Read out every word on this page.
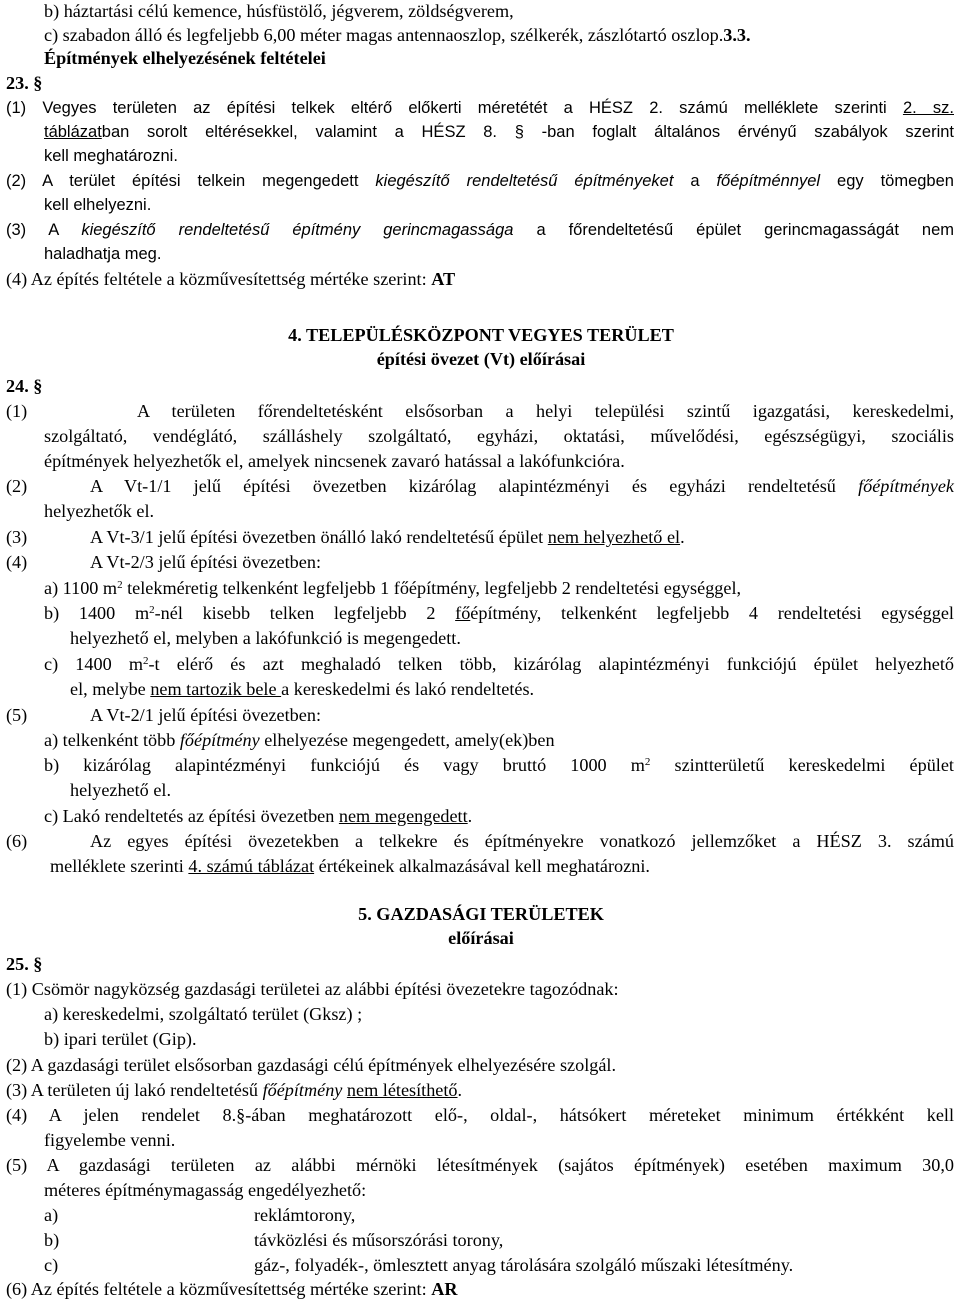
b) háztartási célú kemence, húsfüstölő, jégverem, zöldségverem,
c) szabadon álló és legfeljebb 6,00 méter magas antennaoszlop, szélkerék, zászlótartó oszlop.3.3.
Építmények elhelyezésének feltételei
23. §
(1) Vegyes területen az építési telkek eltérő előkerti méretétét a HÉSZ 2. számú melléklete szerinti 2. sz.
táblázatban sorolt eltérésekkel, valamint a HÉSZ 8. § -ban foglalt általános érvényű szabályok szerint
kell meghatározni.
(2) A terület építési telkein megengedett kiegészítő rendeltetésű építményeket a főépítménnyel egy tömegben
kell elhelyezni.
(3) A kiegészítő rendeltetésű építmény gerincmagassága a főrendeltetésű épület gerincmagasságát nem
haladhatja meg.
(4) Az építés feltétele a közművesítettség mértéke szerint: AT
4. TELEPÜLÉSKÖZPONT VEGYES TERÜLET
építési övezet (Vt) előírásai
24. §
(1)	A területen főrendeltetésként elsősorban a helyi települési szintű igazgatási, kereskedelmi,
szolgáltató, vendéglátó, szálláshely szolgáltató, egyházi, oktatási, művelődési, egészségügyi, szociális
építmények helyezhetők el, amelyek nincsenek zavaró hatással a lakófunkcióra.
(2)	A Vt-1/1 jelű építési övezetben kizárólag alapintézményi és egyházi rendeltetésű főépítmények
helyezhetők el.
(3)	A Vt-3/1 jelű építési övezetben önálló lakó rendeltetésű épület nem helyezhető el.
(4)	A Vt-2/3 jelű építési övezetben:
a) 1100 $m^2$ telekméretig telkenként legfeljebb 1 főépítmény, legfeljebb 2 rendeltetési egységgel,
b) 1400 $m^2$-nél kisebb telken legfeljebb 2 főépítmény, telkenként legfeljebb 4 rendeltetési egységgel
helyezhető el, melyben a lakófunkció is megengedett.
c) 1400 $m^2-t$ elérő és azt meghaladó telken több, kizárólag alapintézményi funkciójú épület helyezhető
el, melybe nem tartozik bele a kereskedelmi és lakó rendeltetés.
(5)	A Vt-2/1 jelű építési övezetben:
a) telkenként több főépítmény elhelyezése megengedett, amely(ek)ben
b) kizárólag alapintézményi funkciójú és vagy bruttó 1000 $m^2$ szintterületű kereskedelmi épület
helyezhető el.
c) Lakó rendeltetés az építési övezetben nem megengedett.
(6)	Az egyes építési övezetekben a telkekre és építményekre vonatkozó jellemzőket a HÉSZ 3. számú
melléklete szerinti 4. számú táblázat értékeinek alkalmazásával kell meghatározni.
5. GAZDASÁGI TERÜLETEK
előírásai
25. §
(1) Csömör nagyközség gazdasági területei az alábbi építési övezetekre tagozódnak:
a) kereskedelmi, szolgáltató terület (Gksz) ;
b) ipari terület (Gip).
(2) A gazdasági terület elsősorban gazdasági célú építmények elhelyezésére szolgál.
(3) A területen új lakó rendeltetésű főépítmény nem létesíthető.
(4) A jelen rendelet 8.§-ában meghatározott elő-, oldal-, hátsókert méreteket minimum értékként kell
figyelembe venni.
(5) A gazdasági területen az alábbi mérnöki létesítmények (sajátos építmények) esetében maximum 30,0
méteres építménymagasság engedélyezhető:
a)	reklámtorony,
b)	távközlési és műsorszórási torony,
c)	gáz-, folyadék-, ömlesztett anyag tárolására szolgáló műszaki létesítmény.
(6) Az építés feltétele a közművesítettség mértéke szerint: AR
